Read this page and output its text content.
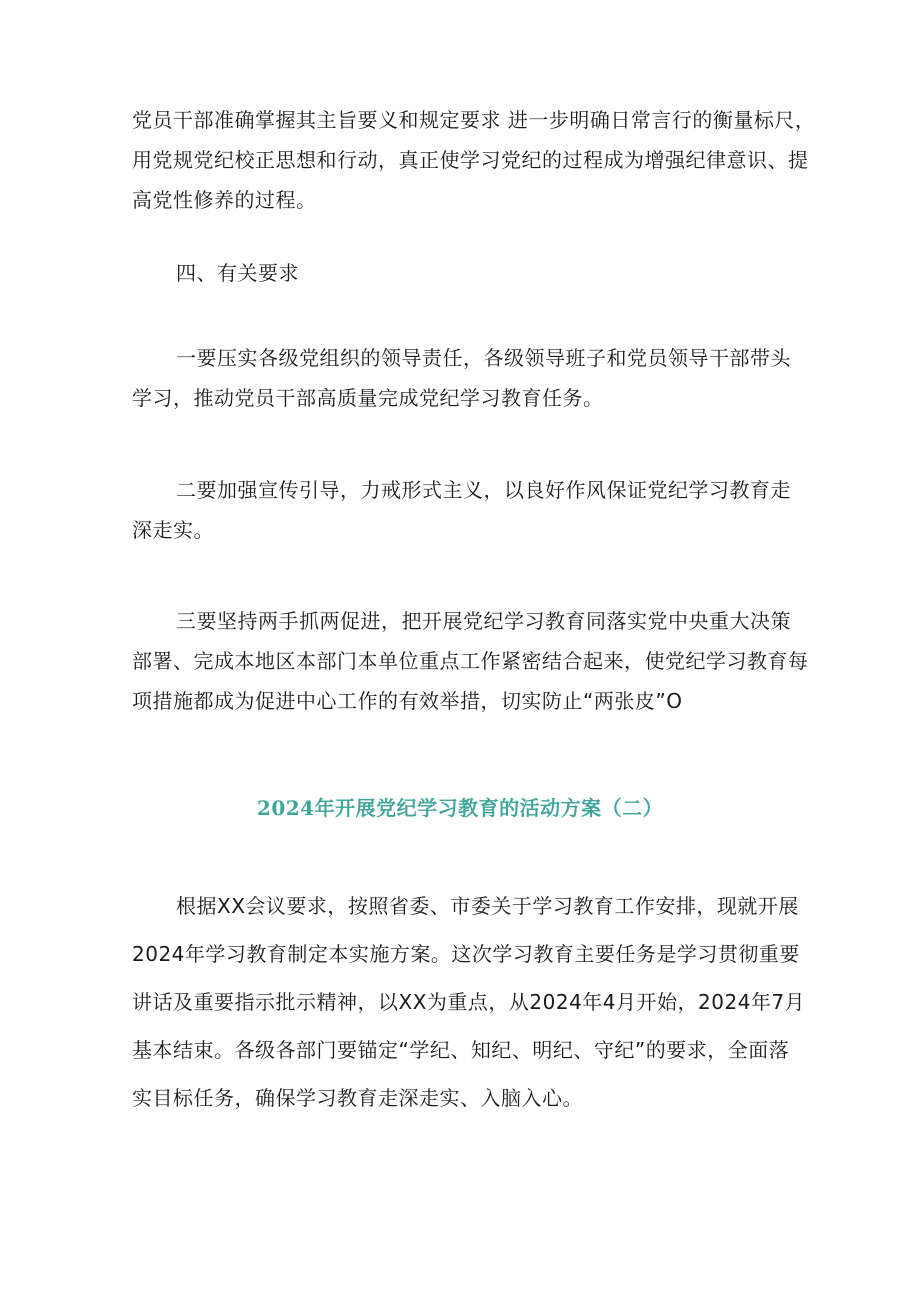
党员干部准确掌握其主旨要义和规定要求 进一步明确日常言行的衡量标尺，
用党规党纪校正思想和行动，真正使学习党纪的过程成为增强纪律意识、提
高党性修养的过程。
四、有关要求
一要压实各级党组织的领导责任，各级领导班子和党员领导干部带头
学习，推动党员干部高质量完成党纪学习教育任务。
二要加强宣传引导，力戒形式主义，以良好作风保证党纪学习教育走
深走实。
三要坚持两手抓两促进，把开展党纪学习教育同落实党中央重大决策
部署、完成本地区本部门本单位重点工作紧密结合起来，使党纪学习教育每
项措施都成为促进中心工作的有效举措，切实防止“两张皮”O
2024年开展党纪学习教育的活动方案（二）
根据XX会议要求，按照省委、市委关于学习教育工作安排，现就开展
2024年学习教育制定本实施方案。这次学习教育主要任务是学习贯彻重要
讲话及重要指示批示精神，以XX为重点，从2024年4月开始，2024年7月
基本结束。各级各部门要锚定“学纪、知纪、明纪、守纪”的要求，全面落
实目标任务，确保学习教育走深走实、入脑入心。
